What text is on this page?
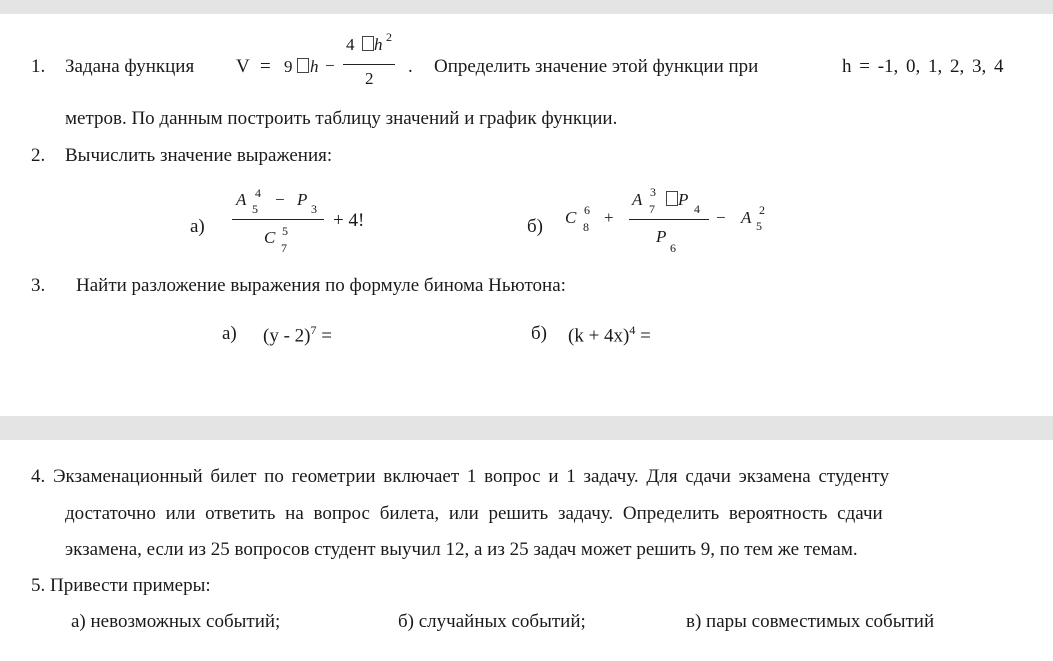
1. Задана функция V = 9 h −
4 h 2
2
. Определить значение этой функции при	h = -1, 0, 1, 2, 3, 4
метров. По данным построить таблицу значений и график функции.
2. Вычислить значение выражения:
а)
A 4
5 − P 3
C 5
7
+ 4!	б) C 6
8 +
A 3
7 P 4
P
6
− A 2
5
3. Найти разложение выражения по формуле бинома Ньютона:
а) (у - 2)$^7$ =	б) $(k + 4x)^4$ =
4. Экзаменационный билет по геометрии включает 1 вопрос и 1 задачу. Для сдачи экзамена студенту
достаточно или ответить на вопрос билета, или решить задачу. Определить вероятность сдачи
экзамена, если из 25 вопросов студент выучил 12, а из 25 задач может решить 9, по тем же темам.
5. Привести примеры:
а) невозможных событий;	б) случайных событий;	в) пары совместимых событий
